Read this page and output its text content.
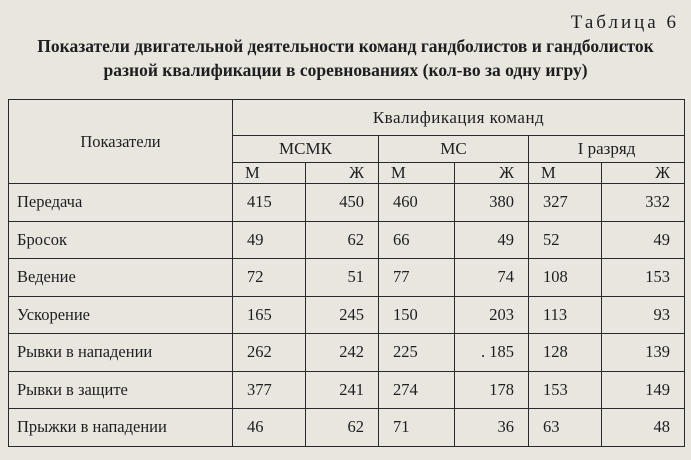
Таблица 6
Показатели двигательной деятельности команд гандболистов и гандболисток
разной квалификации в соревнованиях (кол-во за одну игру)
Показатели	Квалификация команд					
	МСМК		МС		I разряд	
	М	Ж	М	Ж	М	Ж
Передача	415	450	460	380	327	332
Бросок	49	62	66	49	52	49
Ведение	72	51	77	74	108	153
Ускорение	165	245	150	203	113	93
Рывки в нападении	262	242	225	. 185	128	139
Рывки в защите	377	241	274	178	153	149
Прыжки в нападении	46	62	71	36	63	48
